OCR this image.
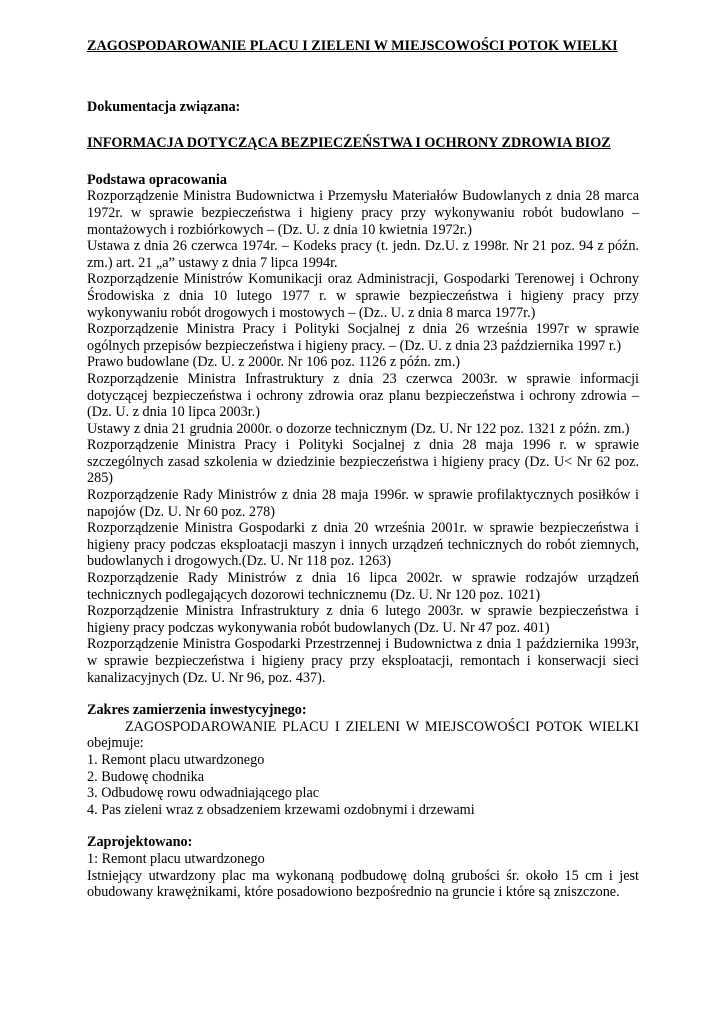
ZAGOSPODAROWANIE PLACU I ZIELENI W MIEJSCOWOŚCI POTOK WIELKI

Dokumentacja związana:

INFORMACJA DOTYCZĄCA BEZPIECZEŃSTWA I OCHRONY ZDROWIA BIOZ

Podstawa opracowania

Rozporządzenie Ministra Budownictwa i Przemysłu Materiałów Budowlanych z dnia 28 marca 1972r. w sprawie bezpieczeństwa i higieny pracy przy wykonywaniu robót budowlano – montażowych i rozbiórkowych – (Dz. U. z dnia 10 kwietnia 1972r.)

Ustawa z dnia 26 czerwca 1974r. – Kodeks pracy (t. jedn. Dz.U. z 1998r. Nr 21 poz. 94 z późn. zm.) art. 21 „a” ustawy z dnia 7 lipca 1994r.

Rozporządzenie Ministrów Komunikacji oraz Administracji, Gospodarki Terenowej i Ochrony Środowiska z dnia 10 lutego 1977 r. w sprawie bezpieczeństwa i higieny pracy przy wykonywaniu robót drogowych i mostowych – (Dz.. U. z dnia 8 marca 1977r.)

Rozporządzenie Ministra Pracy i Polityki Socjalnej z dnia 26 września 1997r w sprawie ogólnych przepisów bezpieczeństwa i higieny pracy. – (Dz. U. z dnia 23 października 1997 r.)

Prawo budowlane (Dz. U. z 2000r. Nr 106 poz. 1126 z późn. zm.)

Rozporządzenie Ministra Infrastruktury z dnia 23 czerwca 2003r. w sprawie informacji dotyczącej bezpieczeństwa i ochrony zdrowia oraz planu bezpieczeństwa i ochrony zdrowia – (Dz. U. z dnia 10 lipca 2003r.)

Ustawy z dnia 21 grudnia 2000r. o dozorze technicznym (Dz. U. Nr 122 poz. 1321 z późn. zm.)

Rozporządzenie Ministra Pracy i Polityki Socjalnej z dnia 28 maja 1996 r. w sprawie szczególnych zasad szkolenia w dziedzinie bezpieczeństwa i higieny pracy (Dz. U< Nr 62 poz. 285)

Rozporządzenie Rady Ministrów z dnia 28 maja 1996r. w sprawie profilaktycznych posiłków i napojów (Dz. U. Nr 60 poz. 278)

Rozporządzenie Ministra Gospodarki z dnia 20 września 2001r. w sprawie bezpieczeństwa i higieny pracy podczas eksploatacji maszyn i innych urządzeń technicznych do robót ziemnych, budowlanych i drogowych.(Dz. U. Nr 118 poz. 1263)

Rozporządzenie Rady Ministrów z dnia 16 lipca 2002r. w sprawie rodzajów urządzeń technicznych podlegających dozorowi technicznemu (Dz. U. Nr 120 poz. 1021)

Rozporządzenie Ministra Infrastruktury z dnia 6 lutego 2003r. w sprawie bezpieczeństwa i higieny pracy podczas wykonywania robót budowlanych (Dz. U. Nr 47 poz. 401)

Rozporządzenie Ministra Gospodarki Przestrzennej i Budownictwa z dnia 1 października 1993r, w sprawie bezpieczeństwa i higieny pracy przy eksploatacji, remontach i konserwacji sieci kanalizacyjnych (Dz. U. Nr 96, poz. 437).

Zakres zamierzenia inwestycyjnego:

ZAGOSPODAROWANIE PLACU I ZIELENI W MIEJSCOWOŚCI POTOK WIELKI obejmuje:

1. Remont placu utwardzonego

2. Budowę chodnika

3. Odbudowę rowu odwadniającego plac

4. Pas zieleni wraz z obsadzeniem krzewami ozdobnymi i drzewami

Zaprojektowano:

1: Remont placu utwardzonego

Istniejący utwardzony plac ma wykonaną podbudowę dolną grubości śr. około 15 cm i jest obudowany krawężnikami, które posadowiono bezpośrednio na gruncie i które są zniszczone.
